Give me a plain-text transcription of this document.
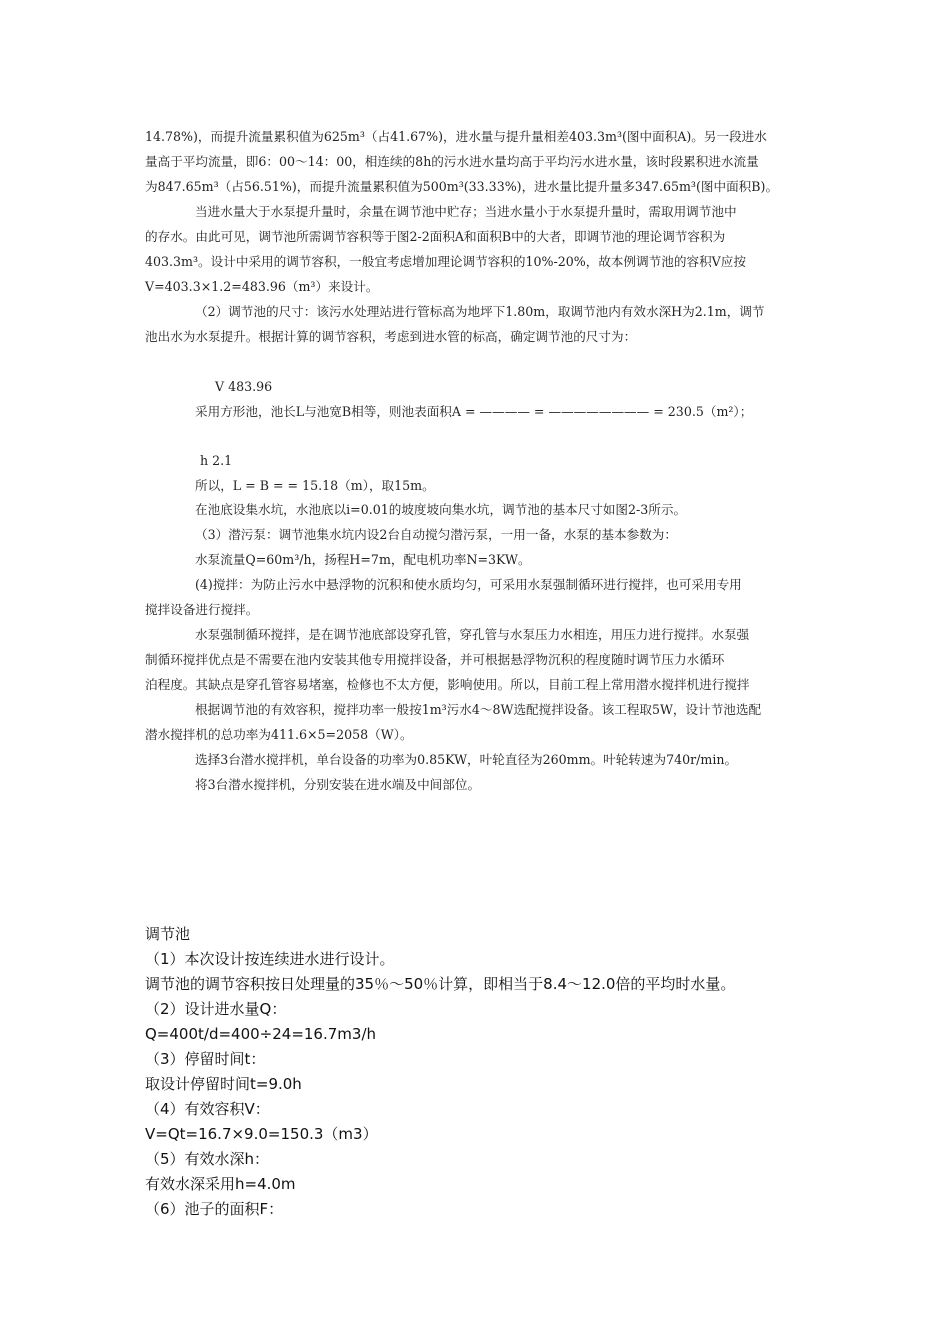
14.78%)，而提升流量累积值为625m³（占41.67%)，进水量与提升量相差403.3m³(图中面积A)。另一段进水
量高于平均流量，即6：00～14：00，相连续的8h的污水进水量均高于平均污水进水量，该时段累积进水流量
为847.65m³（占56.51%)，而提升流量累积值为500m³(33.33%)，进水量比提升量多347.65m³(图中面积B)。
当进水量大于水泵提升量时，余量在调节池中贮存；当进水量小于水泵提升量时，需取用调节池中
的存水。由此可见，调节池所需调节容积等于图2-2面积A和面积B中的大者，即调节池的理论调节容积为
403.3m³。设计中采用的调节容积，一般宜考虑增加理论调节容积的10%-20%，故本例调节池的容积V应按
V=403.3×1.2=483.96（m³）来设计。
（2）调节池的尺寸：该污水处理站进行管标高为地坪下1.80m，取调节池内有效水深H为2.1m，调节
池出水为水泵提升。根据计算的调节容积，考虑到进水管的标高，确定调节池的尺寸为：
V 483.96
采用方形池，池长L与池宽B相等，则池表面积A = ———— = ———————— = 230.5（m²）；
h 2.1
所以，L = B = = 15.18（m），取15m。
在池底设集水坑，水池底以i=0.01的坡度坡向集水坑，调节池的基本尺寸如图2-3所示。
（3）潜污泵：调节池集水坑内设2台自动搅匀潜污泵，一用一备，水泵的基本参数为：
水泵流量Q=60m³/h，扬程H=7m，配电机功率N=3KW。
(4)搅拌：为防止污水中悬浮物的沉积和使水质均匀，可采用水泵强制循环进行搅拌，也可采用专用
搅拌设备进行搅拌。
水泵强制循环搅拌，是在调节池底部设穿孔管，穿孔管与水泵压力水相连，用压力进行搅拌。水泵强
制循环搅拌优点是不需要在池内安装其他专用搅拌设备，并可根据悬浮物沉积的程度随时调节压力水循环
泊程度。其缺点是穿孔管容易堵塞，检修也不太方便，影响使用。所以，目前工程上常用潜水搅拌机进行搅拌
根据调节池的有效容积，搅拌功率一般按1m³污水4～8W选配搅拌设备。该工程取5W，设计节池选配
潜水搅拌机的总功率为411.6×5=2058（W）。
选择3台潜水搅拌机，单台设备的功率为0.85KW，叶轮直径为260mm。叶轮转速为740r/min。
将3台潜水搅拌机，分别安装在进水端及中间部位。
调节池
（1）本次设计按连续进水进行设计。
调节池的调节容积按日处理量的35％～50％计算，即相当于8.4～12.0倍的平均时水量。
（2）设计进水量Q：
Q=400t/d=400÷24=16.7m3/h
（3）停留时间t：
取设计停留时间t=9.0h
（4）有效容积V：
V=Qt=16.7×9.0=150.3（m3）
（5）有效水深h：
有效水深采用h=4.0m
（6）池子的面积F：
